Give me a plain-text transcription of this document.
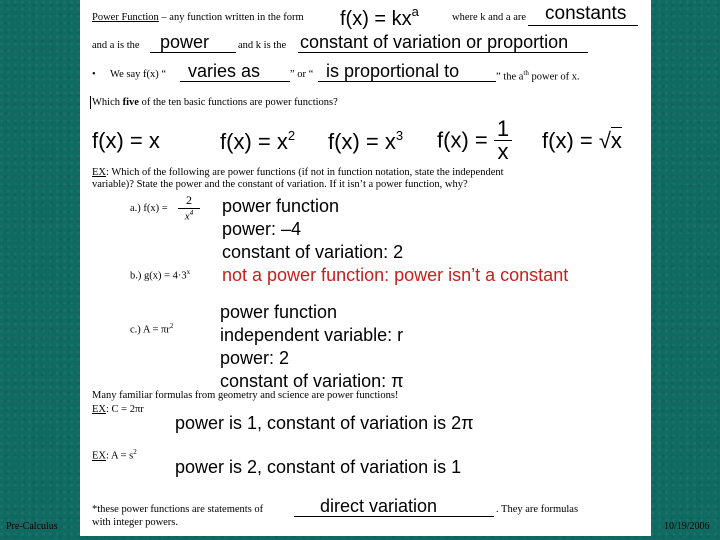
Power Function – any function written in the form $f(x) = kx^a$	where k and a are constants
and a is the power	and k is the constant of variation or proportion
• We say f(x) “ varies as	” or “ is proportional to	” the $a^{th}$ power of x.
Which five of the ten basic functions are power functions?
f(x) = x	$f(x) = x^2$ $f(x) = x^3$ $f(x) = \frac{1}{x} f(x) = √x$
EX: Which of the following are power functions (if not in function notation, state the independent
variable)? State the power and the constant of variation. If it isn’t a power function, why?
a.) $f(x) = \frac{2}{x^4}$ power function
power: –4
constant of variation: 2
b.) $g(x) = 4\cdot 3^x$ not a power function: power isn’t a constant
c.) $A = \pi r^2$
power function
independent variable: r
power: 2
constant of variation: π
Many familiar formulas from geometry and science are power functions!
EX: C = 2πr
power is 1, constant of variation is 2π
EX: $A = s^2$
power is 2, constant of variation is 1
*these power functions are statements of	direct variation	. They are formulas
with integer powers.
Pre-Calculus	10/19/2006
